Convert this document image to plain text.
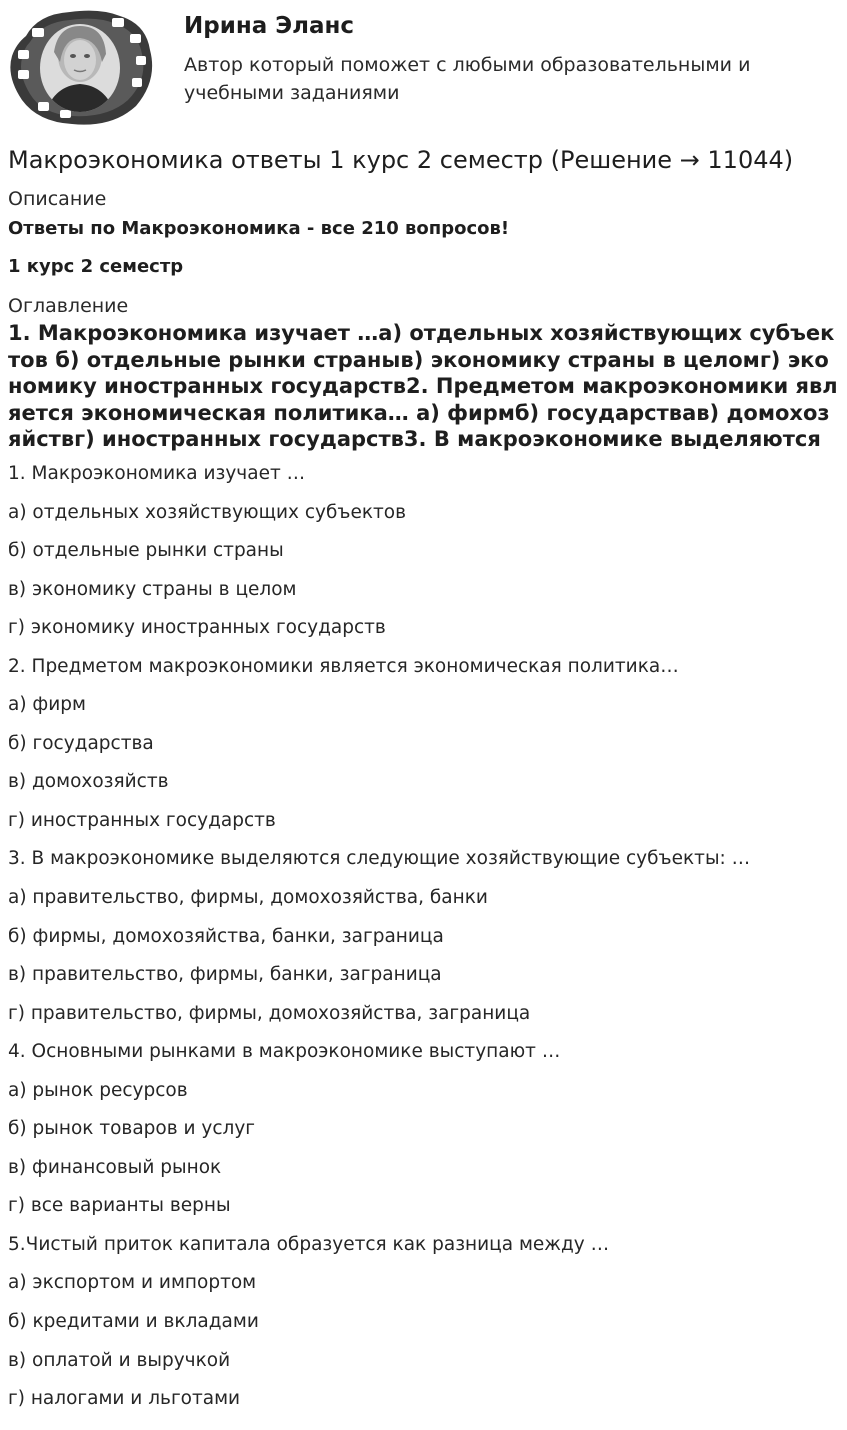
Ирина Эланс
Автор который поможет с любыми образовательными и учебными заданиями
Макроэкономика ответы 1 курс 2 семестр (Решение → 11044)
Описание
Ответы по Макроэкономика - все 210 вопросов!
1 курс 2 семестр
Оглавление
1. Макроэкономика изучает …а) отдельных хозяйствующих субъектов б) отдельные рынки страныв) экономику страны в целомг) экономику иностранных государств2. Предметом макроэкономики является экономическая политика… а) фирмб) государствав) домохозяйствг) иностранных государств3. В макроэкономике выделяются

1. Макроэкономика изучает …

а) отдельных хозяйствующих субъектов

б) отдельные рынки страны

в) экономику страны в целом

г) экономику иностранных государств

2. Предметом макроэкономики является экономическая политика…

а) фирм

б) государства

в) домохозяйств

г) иностранных государств

3. В макроэкономике выделяются следующие хозяйствующие субъекты: …

а) правительство, фирмы, домохозяйства, банки

б) фирмы, домохозяйства, банки, заграница

в) правительство, фирмы, банки, заграница

г) правительство, фирмы, домохозяйства, заграница

4. Основными рынками в макроэкономике выступают …

а) рынок ресурсов

б) рынок товаров и услуг

в) финансовый рынок

г) все варианты верны

5.Чистый приток капитала образуется как разница между …

а) экспортом и импортом

б) кредитами и вкладами

в) оплатой и выручкой

г) налогами и льготами
